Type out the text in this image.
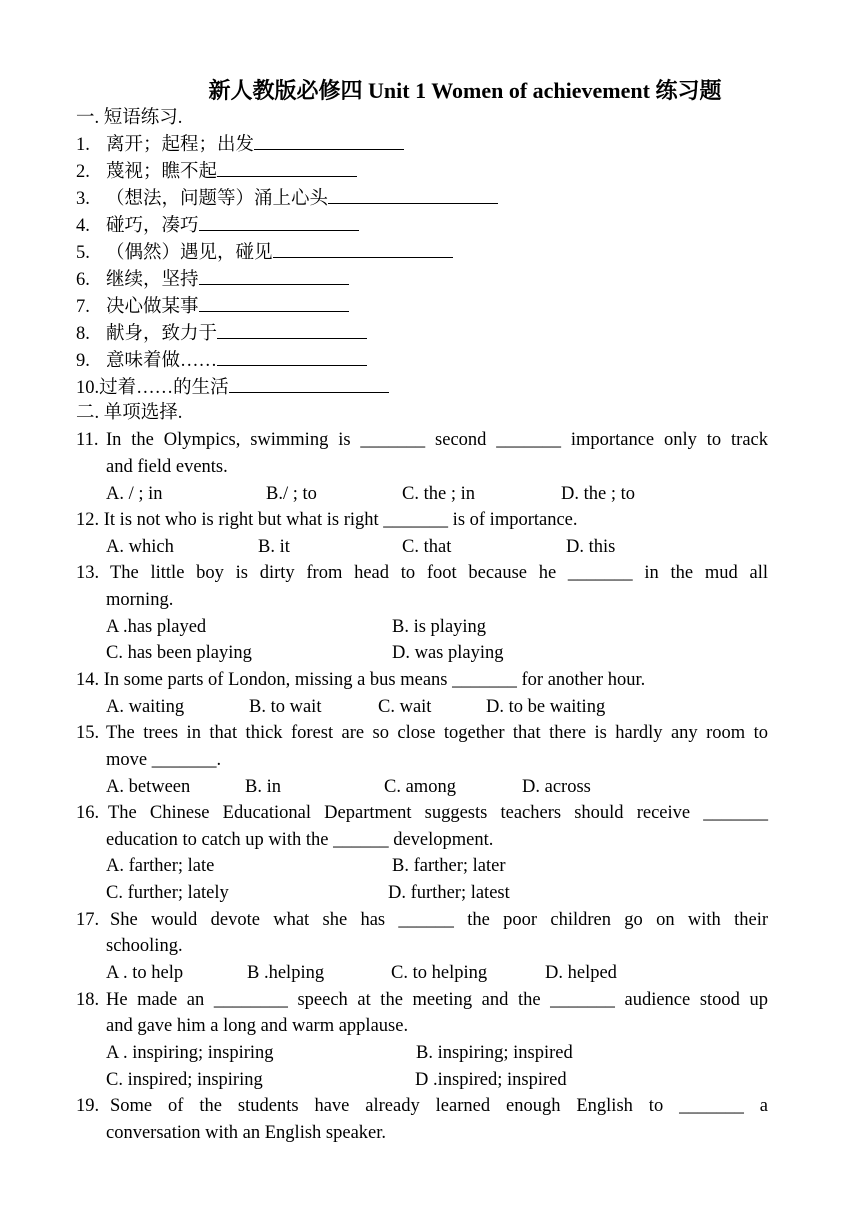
新人教版必修四 Unit 1 Women of achievement 练习题
一. 短语练习.
1. 离开；起程；出发
2. 蔑视；瞧不起
3. （想法，问题等）涌上心头
4. 碰巧，凑巧
5. （偶然）遇见，碰见
6. 继续，坚持
7. 决心做某事
8. 献身，致力于
9. 意味着做……
10.过着……的生活
二. 单项选择.
11. In the Olympics, swimming is _______ second _______ importance only to track
and field events.
A. / ; in	B./ ; to	C. the ; in	D. the ; to
12. It is not who is right but what is right _______ is of importance.
A. which	B. it	C. that	D. this
13. The little boy is dirty from head to foot because he _______ in the mud all
morning.
A .has played	B. is playing
C. has been playing	D. was playing
14. In some parts of London, missing a bus means _______ for another hour.
A. waiting	B. to wait	C. wait	D. to be waiting
15. The trees in that thick forest are so close together that there is hardly any room to
move _______.
A. between	B. in	C. among	D. across
16. The Chinese Educational Department suggests teachers should receive _______
education to catch up with the ______ development.
A. farther; late	B. farther; later
C. further; lately	D. further; latest
17. She would devote what she has ______ the poor children go on with their
schooling.
A . to help	B .helping	C. to helping	D. helped
18. He made an ________ speech at the meeting and the _______ audience stood up
and gave him a long and warm applause.
A . inspiring; inspiring	B. inspiring; inspired
C. inspired; inspiring	D .inspired; inspired
19. Some of the students have already learned enough English to _______ a
conversation with an English speaker.
